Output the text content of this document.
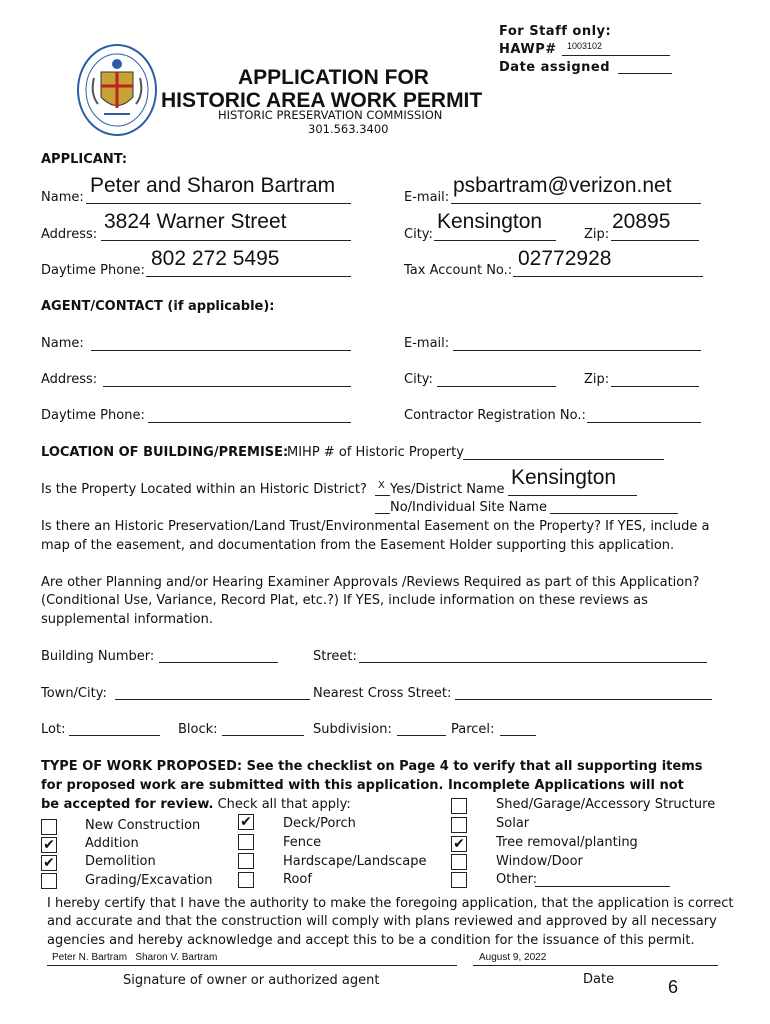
For Staff only:
HAWP# 1003102
Date assigned
APPLICATION FOR
HISTORIC AREA WORK PERMIT
HISTORIC PRESERVATION COMMISSION
301.563.3400
APPLICANT:
Name:
Peter and Sharon Bartram
E-mail:
psbartram@verizon.net
Address:
3824 Warner Street
City:
Kensington
Zip:
20895
Daytime Phone:
802 272 5495
Tax Account No.:
02772928
AGENT/CONTACT (if applicable):
Name:	E-mail:
Address:	City:	Zip:
Daytime Phone:	Contractor Registration No.:
LOCATION OF BUILDING/PREMISE:
MIHP # of Historic Property
Is the Property Located within an Historic District? X Yes/District Name
Kensington
No/Individual Site Name
Is there an Historic Preservation/Land Trust/Environmental Easement on the Property? If YES, include a
map of the easement, and documentation from the Easement Holder supporting this application.
Are other Planning and/or Hearing Examiner Approvals /Reviews Required as part of this Application?
(Conditional Use, Variance, Record Plat, etc.?) If YES, include information on these reviews as
supplemental information.
Building Number:	Street:
Town/City:	Nearest Cross Street:
Lot:	Block:	Subdivision:	Parcel:
TYPE OF WORK PROPOSED: See the checklist on Page 4 to verify that all supporting items
for proposed work are submitted with this application. Incomplete Applications will not
be accepted for review. Check all that apply:
New Construction
✔ Addition
✔ Demolition
Grading/Excavation
✔ Deck/Porch
Fence
Hardscape/Landscape
Roof
Shed/Garage/Accessory Structure
Solar
✔ Tree removal/planting
Window/Door
Other:
I hereby certify that I have the authority to make the foregoing application, that the application is correct
and accurate and that the construction will comply with plans reviewed and approved by all necessary
agencies and hereby acknowledge and accept this to be a condition for the issuance of this permit.
Peter N. Bartram Sharon V. Bartram	August 9, 2022
Signature of owner or authorized agent	Date	6
